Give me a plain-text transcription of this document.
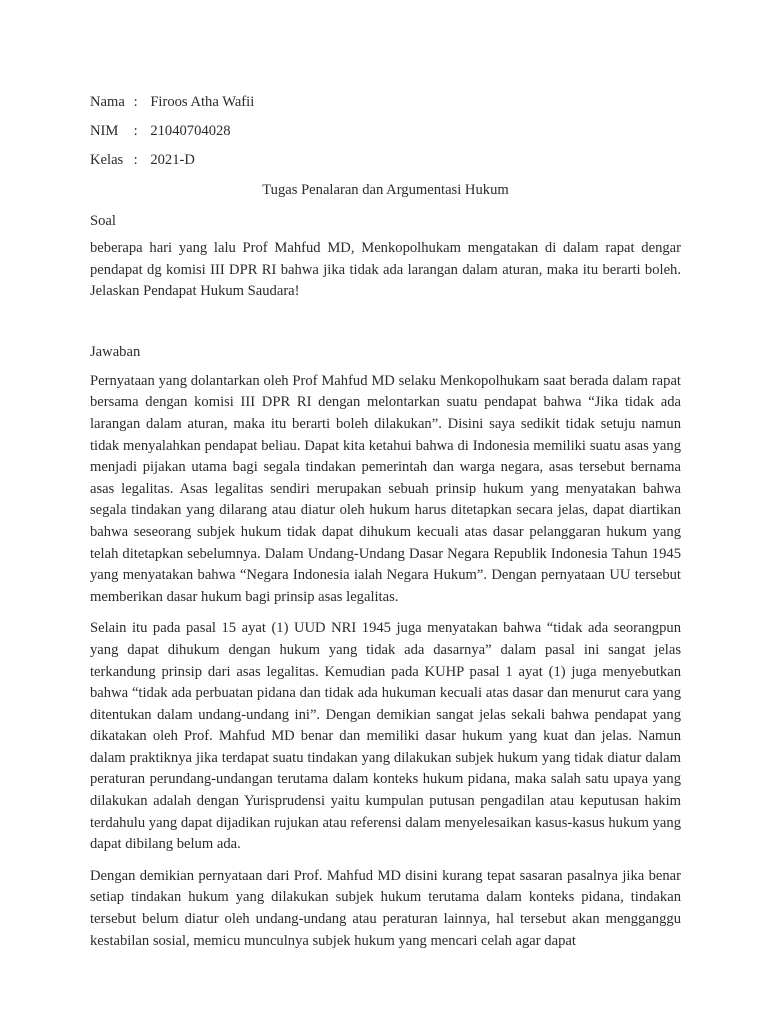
Nama : Firoos Atha Wafii
NIM : 21040704028
Kelas : 2021-D
Tugas Penalaran dan Argumentasi Hukum
Soal

beberapa hari yang lalu Prof Mahfud MD, Menkopolhukam mengatakan di dalam rapat dengar pendapat dg komisi III DPR RI bahwa jika tidak ada larangan dalam aturan, maka itu berarti boleh. Jelaskan Pendapat Hukum Saudara!

Jawaban

Pernyataan yang dolantarkan oleh Prof Mahfud MD selaku Menkopolhukam saat berada dalam rapat bersama dengan komisi III DPR RI dengan melontarkan suatu pendapat bahwa “Jika tidak ada larangan dalam aturan, maka itu berarti boleh dilakukan”. Disini saya sedikit tidak setuju namun tidak menyalahkan pendapat beliau. Dapat kita ketahui bahwa di Indonesia memiliki suatu asas yang menjadi pijakan utama bagi segala tindakan pemerintah dan warga negara, asas tersebut bernama asas legalitas. Asas legalitas sendiri merupakan sebuah prinsip hukum yang menyatakan bahwa segala tindakan yang dilarang atau diatur oleh hukum harus ditetapkan secara jelas, dapat diartikan bahwa seseorang subjek hukum tidak dapat dihukum kecuali atas dasar pelanggaran hukum yang telah ditetapkan sebelumnya. Dalam Undang-Undang Dasar Negara Republik Indonesia Tahun 1945 yang menyatakan bahwa “Negara Indonesia ialah Negara Hukum”. Dengan pernyataan UU tersebut memberikan dasar hukum bagi prinsip asas legalitas.

Selain itu pada pasal 15 ayat (1) UUD NRI 1945 juga menyatakan bahwa “tidak ada seorangpun yang dapat dihukum dengan hukum yang tidak ada dasarnya” dalam pasal ini sangat jelas terkandung prinsip dari asas legalitas. Kemudian pada KUHP pasal 1 ayat (1) juga menyebutkan bahwa “tidak ada perbuatan pidana dan tidak ada hukuman kecuali atas dasar dan menurut cara yang ditentukan dalam undang-undang ini”. Dengan demikian sangat jelas sekali bahwa pendapat yang dikatakan oleh Prof. Mahfud MD benar dan memiliki dasar hukum yang kuat dan jelas. Namun dalam praktiknya jika terdapat suatu tindakan yang dilakukan subjek hukum yang tidak diatur dalam peraturan perundang-undangan terutama dalam konteks hukum pidana, maka salah satu upaya yang dilakukan adalah dengan Yurisprudensi yaitu kumpulan putusan pengadilan atau keputusan hakim terdahulu yang dapat dijadikan rujukan atau referensi dalam menyelesaikan kasus-kasus hukum yang dapat dibilang belum ada.

Dengan demikian pernyataan dari Prof. Mahfud MD disini kurang tepat sasaran pasalnya jika benar setiap tindakan hukum yang dilakukan subjek hukum terutama dalam konteks pidana, tindakan tersebut belum diatur oleh undang-undang atau peraturan lainnya, hal tersebut akan mengganggu kestabilan sosial, memicu munculnya subjek hukum yang mencari celah agar dapat
